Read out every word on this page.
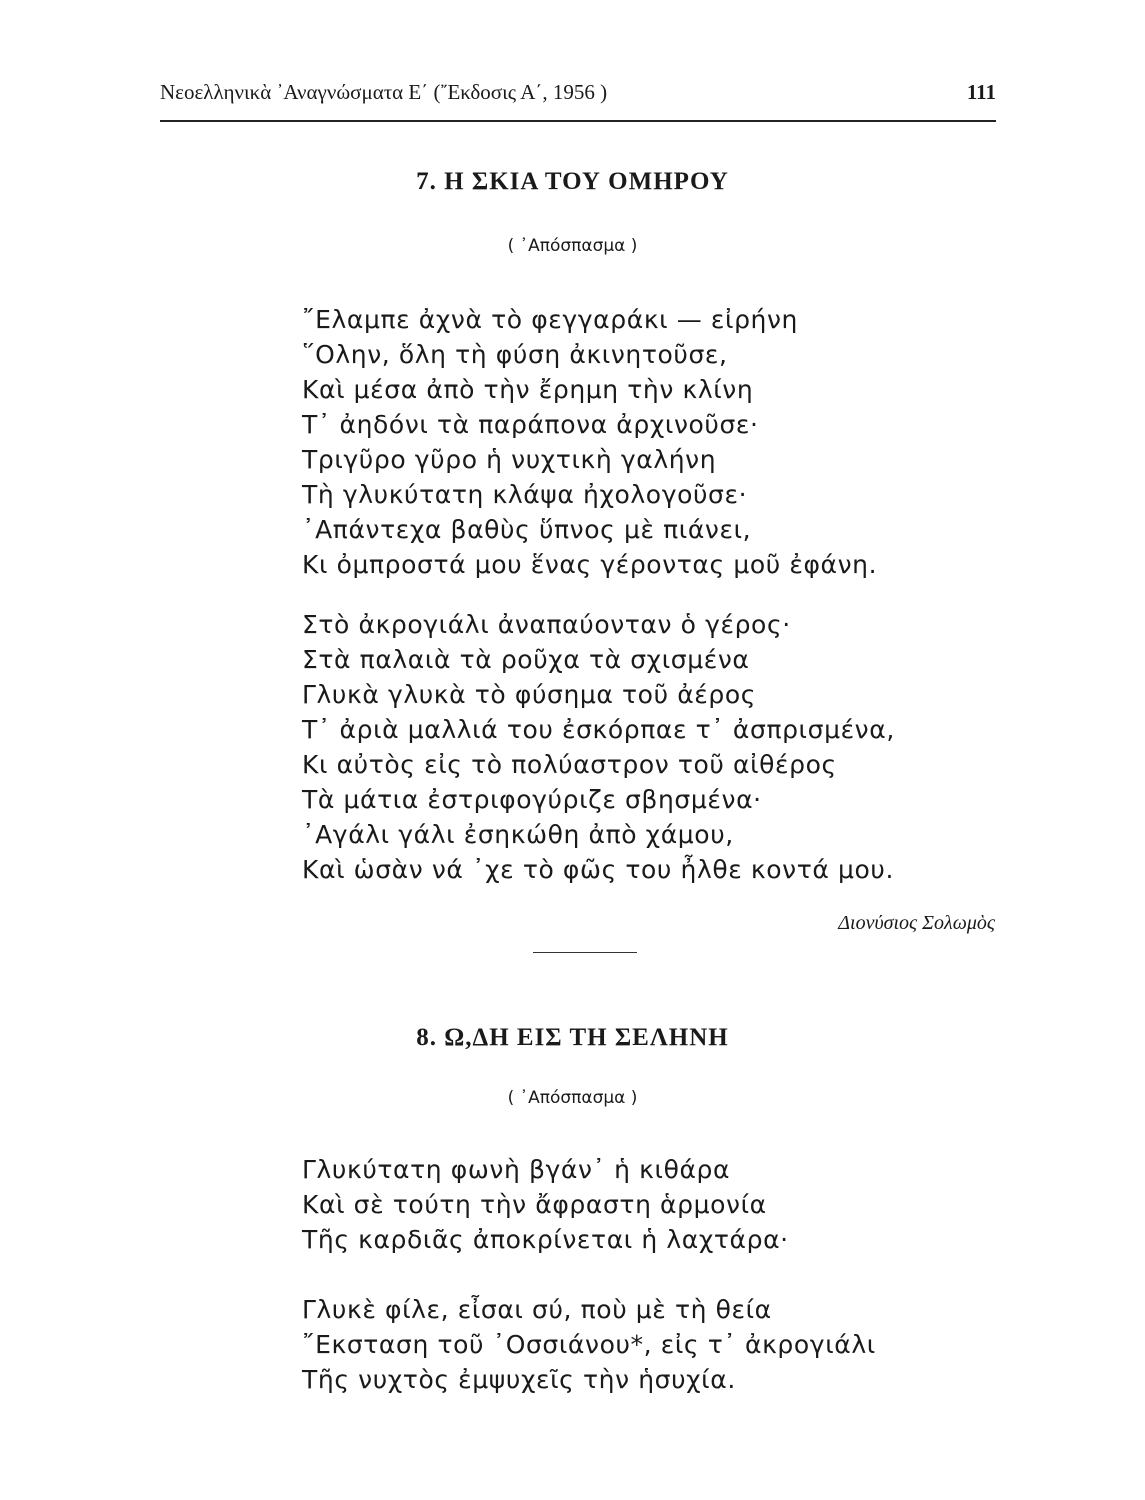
Νεοελληνικὰ ᾿Αναγνώσματα Ε΄ (῎Εκδοσις Α΄, 1956 )	111
7. Η ΣΚΙΑ ΤΟΥ ΟΜΗΡΟΥ
( ᾿Απόσπασμα )
῎Ελαμπε ἀχνὰ τὸ φεγγαράκι — εἰρήνη
῞Ολην, ὅλη τὴ φύση ἀκινητοῦσε,
Καὶ μέσα ἀπὸ τὴν ἔρημη τὴν κλίνη
Τ᾿ ἀηδόνι τὰ παράπονα ἀρχινοῦσε·
Τριγῦρο γῦρο ἡ νυχτικὴ γαλήνη
Τὴ γλυκύτατη κλάψα ἠχολογοῦσε·
᾿Απάντεχα βαθὺς ὕπνος μὲ πιάνει,
Κι ὀμπροστά μου ἕνας γέροντας μοῦ ἐφάνη.
Στὸ ἀκρογιάλι ἀναπαύονταν ὁ γέρος·
Στὰ παλαιὰ τὰ ροῦχα τὰ σχισμένα
Γλυκὰ γλυκὰ τὸ φύσημα τοῦ ἀέρος
Τ᾿ ἀριὰ μαλλιά του ἐσκόρπαε τ᾿ ἀσπρισμένα,
Κι αὐτὸς εἰς τὸ πολύαστρον τοῦ αἰθέρος
Τὰ μάτια ἐστριφογύριζε σβησμένα·
᾿Αγάλι γάλι ἐσηκώθη ἀπὸ χάμου,
Καὶ ὡσὰν νά ᾿χε τὸ φῶς του ἦλθε κοντά μου.
Διονύσιος Σολωμὸς
8. Ω,ΔΗ ΕΙΣ ΤΗ ΣΕΛΗΝΗ
( ᾿Απόσπασμα )
Γλυκύτατη φωνὴ βγάν᾿ ἡ κιθάρα
Καὶ σὲ τούτη τὴν ἄφραστη ἁρμονία
Τῆς καρδιᾶς ἀποκρίνεται ἡ λαχτάρα·
Γλυκὲ φίλε, εἶσαι σύ, ποὺ μὲ τὴ θεία
῎Εκσταση τοῦ ᾿Οσσιάνου*, εἰς τ᾿ ἀκρογιάλι
Τῆς νυχτὸς ἐμψυχεῖς τὴν ἡσυχία.
